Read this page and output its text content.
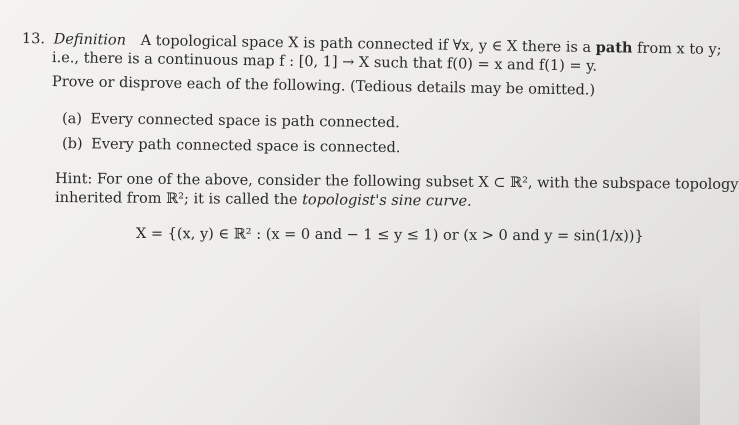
13. Definition A topological space X is path connected if ∀x, y ∈ X there is a path from x to y;
i.e., there is a continuous map f : [0, 1] → X such that f(0) = x and f(1) = y.
Prove or disprove each of the following. (Tedious details may be omitted.)
(a) Every connected space is path connected.
(b) Every path connected space is connected.
Hint: For one of the above, consider the following subset X ⊂ ℝ², with the subspace topology
inherited from ℝ²; it is called the topologist's sine curve.
X = {(x, y) ∈ ℝ² : (x = 0 and − 1 ≤ y ≤ 1) or (x > 0 and y = sin(1/x))}
